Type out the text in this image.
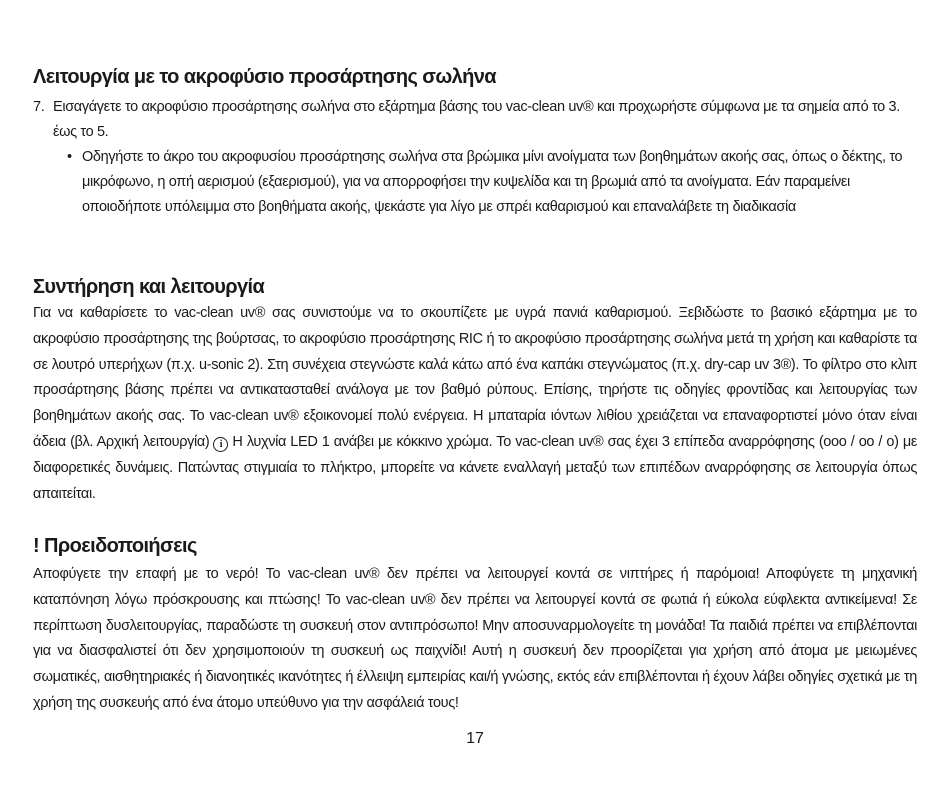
Λειτουργία με το ακροφύσιο προσάρτησης σωλήνα
7. Εισαγάγετε το ακροφύσιο προσάρτησης σωλήνα στο εξάρτημα βάσης του vac-clean uv® και προχωρήστε σύμφωνα με τα σημεία από το 3. έως το 5.
• Οδηγήστε το άκρο του ακροφυσίου προσάρτησης σωλήνα στα βρώμικα μίνι ανοίγματα των βοηθημάτων ακοής σας, όπως ο δέκτης, το μικρόφωνο, η οπή αερισμού (εξαερισμού), για να απορροφήσει την κυψελίδα και τη βρωμιά από τα ανοίγματα. Εάν παραμείνει οποιοδήποτε υπόλειμμα στο βοηθήματα ακοής, ψεκάστε για λίγο με σπρέι καθαρισμού και επαναλάβετε τη διαδικασία
Συντήρηση και λειτουργία
Για να καθαρίσετε το vac-clean uv® σας συνιστούμε να το σκουπίζετε με υγρά πανιά καθαρισμού. Ξεβιδώστε το βασικό εξάρτημα με το ακροφύσιο προσάρτησης της βούρτσας, το ακροφύσιο προσάρτησης RIC ή το ακροφύσιο προσάρτησης σωλήνα μετά τη χρήση και καθαρίστε τα σε λουτρό υπερήχων (π.χ. u-sonic 2). Στη συνέχεια στεγνώστε καλά κάτω από ένα καπάκι στεγνώματος (π.χ. dry-cap uv 3®). Το φίλτρο στο κλιπ προσάρτησης βάσης πρέπει να αντικατασταθεί ανάλογα με τον βαθμό ρύπους. Επίσης, τηρήστε τις οδηγίες φροντίδας και λειτουργίας των βοηθημάτων ακοής σας. Το vac-clean uv® εξοικονομεί πολύ ενέργεια. Η μπαταρία ιόντων λιθίου χρειάζεται να επαναφορτιστεί μόνο όταν είναι άδεια (βλ. Αρχική λειτουργία) i Η λυχνία LED 1 ανάβει με κόκκινο χρώμα. Το vac-clean uv® σας έχει 3 επίπεδα αναρρόφησης (ooo / oo / o) με διαφορετικές δυνάμεις. Πατώντας στιγμιαία το πλήκτρο, μπορείτε να κάνετε εναλλαγή μεταξύ των επιπέδων αναρρόφησης σε λειτουργία όπως απαιτείται.
! Προειδοποιήσεις
Αποφύγετε την επαφή με το νερό! Το vac-clean uv® δεν πρέπει να λειτουργεί κοντά σε νιπτήρες ή παρόμοια! Αποφύγετε τη μηχανική καταπόνηση λόγω πρόσκρουσης και πτώσης! Το vac-clean uv® δεν πρέπει να λειτουργεί κοντά σε φωτιά ή εύκολα εύφλεκτα αντικείμενα! Σε περίπτωση δυσλειτουργίας, παραδώστε τη συσκευή στον αντιπρόσωπο! Μην αποσυναρμολογείτε τη μονάδα! Τα παιδιά πρέπει να επιβλέπονται για να διασφαλιστεί ότι δεν χρησιμοποιούν τη συσκευή ως παιχνίδι! Αυτή η συσκευή δεν προορίζεται για χρήση από άτομα με μειωμένες σωματικές, αισθητηριακές ή διανοητικές ικανότητες ή έλλειψη εμπειρίας και/ή γνώσης, εκτός εάν επιβλέπονται ή έχουν λάβει οδηγίες σχετικά με τη χρήση της συσκευής από ένα άτομο υπεύθυνο για την ασφάλειά τους!
17
